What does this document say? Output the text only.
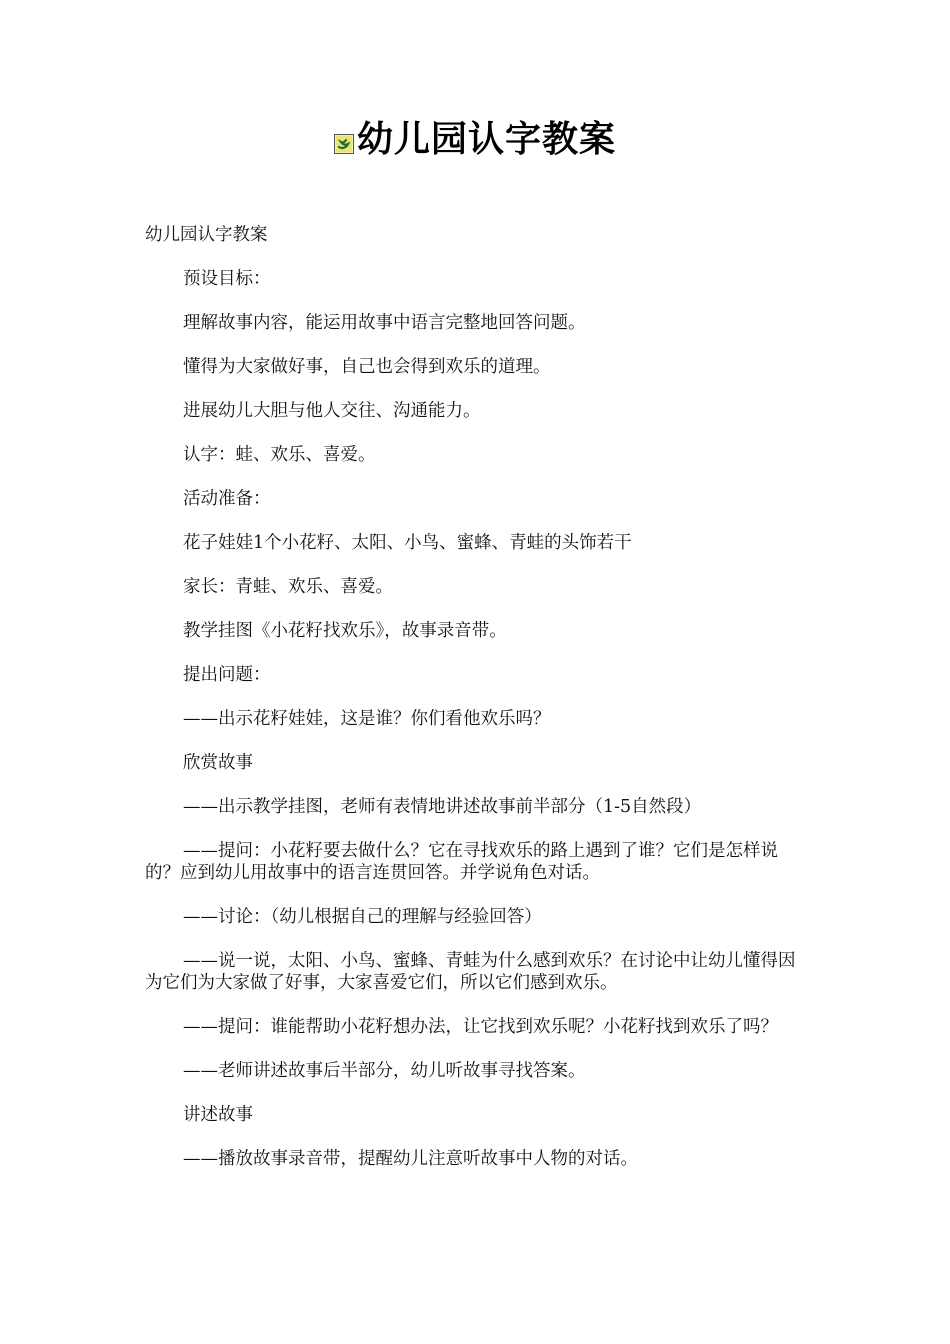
幼儿园认字教案

幼儿园认字教案

预设目标：

理解故事内容，能运用故事中语言完整地回答问题。

懂得为大家做好事，自己也会得到欢乐的道理。

进展幼儿大胆与他人交往、沟通能力。

认字：蛙、欢乐、喜爱。

活动准备：

花子娃娃1个小花籽、太阳、小鸟、蜜蜂、青蛙的头饰若干

家长：青蛙、欢乐、喜爱。

教学挂图《小花籽找欢乐》，故事录音带。

提出问题：

——出示花籽娃娃，这是谁？你们看他欢乐吗？

欣赏故事

——出示教学挂图，老师有表情地讲述故事前半部分（1-5自然段）

——提问：小花籽要去做什么？它在寻找欢乐的路上遇到了谁？它们是怎样说的？应到幼儿用故事中的语言连贯回答。并学说角色对话。

——讨论：（幼儿根据自己的理解与经验回答）

——说一说，太阳、小鸟、蜜蜂、青蛙为什么感到欢乐？在讨论中让幼儿懂得因为它们为大家做了好事，大家喜爱它们，所以它们感到欢乐。

——提问：谁能帮助小花籽想办法，让它找到欢乐呢？小花籽找到欢乐了吗？

——老师讲述故事后半部分，幼儿听故事寻找答案。

讲述故事

——播放故事录音带，提醒幼儿注意听故事中人物的对话。
